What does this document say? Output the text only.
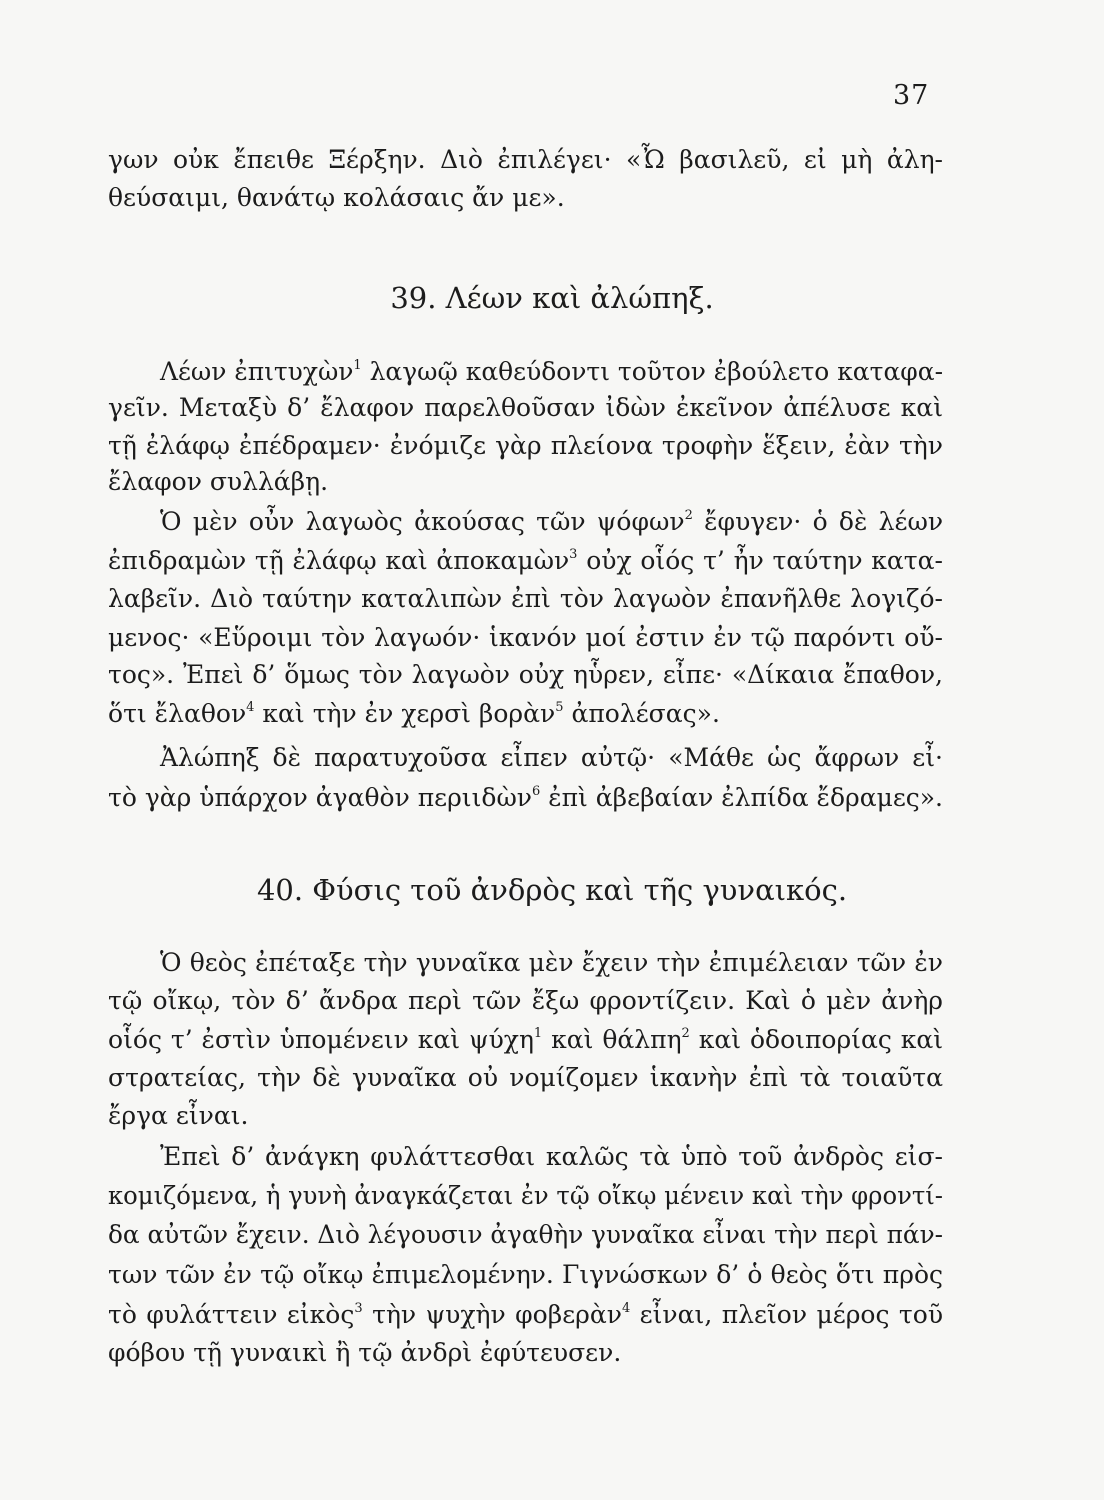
37
γων οὐκ ἔπειθε Ξέρξην. Διὸ ἐπιλέγει· «Ὦ βασιλεῦ, εἰ μὴ ἀλη-
θεύσαιμι, θανάτῳ κολάσαις ἄν με».
39. Λέων καὶ ἀλώπηξ.
Λέων ἐπιτυχὼν$^1$ λαγωῷ καθεύδοντι τοῦτον ἐβούλετο καταφα-
γεῖν. Μεταξὺ δ’ ἔλαφον παρελθοῦσαν ἰδὼν ἐκεῖνον ἀπέλυσε καὶ
τῇ ἐλάφῳ ἐπέδραμεν· ἐνόμιζε γὰρ πλείονα τροφὴν ἕξειν, ἐὰν τὴν
ἔλαφον συλλάβῃ.
Ὁ μὲν οὖν λαγωὸς ἀκούσας τῶν ψόφων$^2$ ἔφυγεν· ὁ δὲ λέων
ἐπιδραμὼν τῇ ἐλάφῳ καὶ ἀποκαμὼν$^3$ οὐχ οἷός τ’ ἦν ταύτην κατα-
λαβεῖν. Διὸ ταύτην καταλιπὼν ἐπὶ τὸν λαγωὸν ἐπανῆλθε λογιζό-
μενος· «Εὕροιμι τὸν λαγωόν· ἱκανόν μοί ἐστιν ἐν τῷ παρόντι οὔ-
τος». Ἐπεὶ δ’ ὅμως τὸν λαγωὸν οὐχ ηὗρεν, εἶπε· «Δίκαια ἔπαθον,
ὅτι ἔλαθον$^4$ καὶ τὴν ἐν χερσὶ βορὰν$^5$ ἀπολέσας».
Ἀλώπηξ δὲ παρατυχοῦσα εἶπεν αὐτῷ· «Μάθε ὡς ἄφρων εἶ·
τὸ γὰρ ὑπάρχον ἀγαθὸν περιιδὼν$^6$ ἐπὶ ἀβεβαίαν ἐλπίδα ἔδραμες».
40. Φύσις τοῦ ἀνδρὸς καὶ τῆς γυναικός.
Ὁ θεὸς ἐπέταξε τὴν γυναῖκα μὲν ἔχειν τὴν ἐπιμέλειαν τῶν ἐν
τῷ οἴκῳ, τὸν δ’ ἄνδρα περὶ τῶν ἔξω φροντίζειν. Καὶ ὁ μὲν ἀνὴρ
οἷός τ’ ἐστὶν ὑπομένειν καὶ ψύχη$^1$ καὶ θάλπη$^2$ καὶ ὁδοιπορίας καὶ
στρατείας, τὴν δὲ γυναῖκα οὐ νομίζομεν ἱκανὴν ἐπὶ τὰ τοιαῦτα
ἔργα εἶναι.
Ἐπεὶ δ’ ἀνάγκη φυλάττεσθαι καλῶς τὰ ὑπὸ τοῦ ἀνδρὸς εἰσ-
κομιζόμενα, ἡ γυνὴ ἀναγκάζεται ἐν τῷ οἴκῳ μένειν καὶ τὴν φροντί-
δα αὐτῶν ἔχειν. Διὸ λέγουσιν ἀγαθὴν γυναῖκα εἶναι τὴν περὶ πάν-
των τῶν ἐν τῷ οἴκῳ ἐπιμελομένην. Γιγνώσκων δ’ ὁ θεὸς ὅτι πρὸς
τὸ φυλάττειν εἰκὸς$^3$ τὴν ψυχὴν φοβερὰν$^4$ εἶναι, πλεῖον μέρος τοῦ
φόβου τῇ γυναικὶ ἢ τῷ ἀνδρὶ ἐφύτευσεν.
